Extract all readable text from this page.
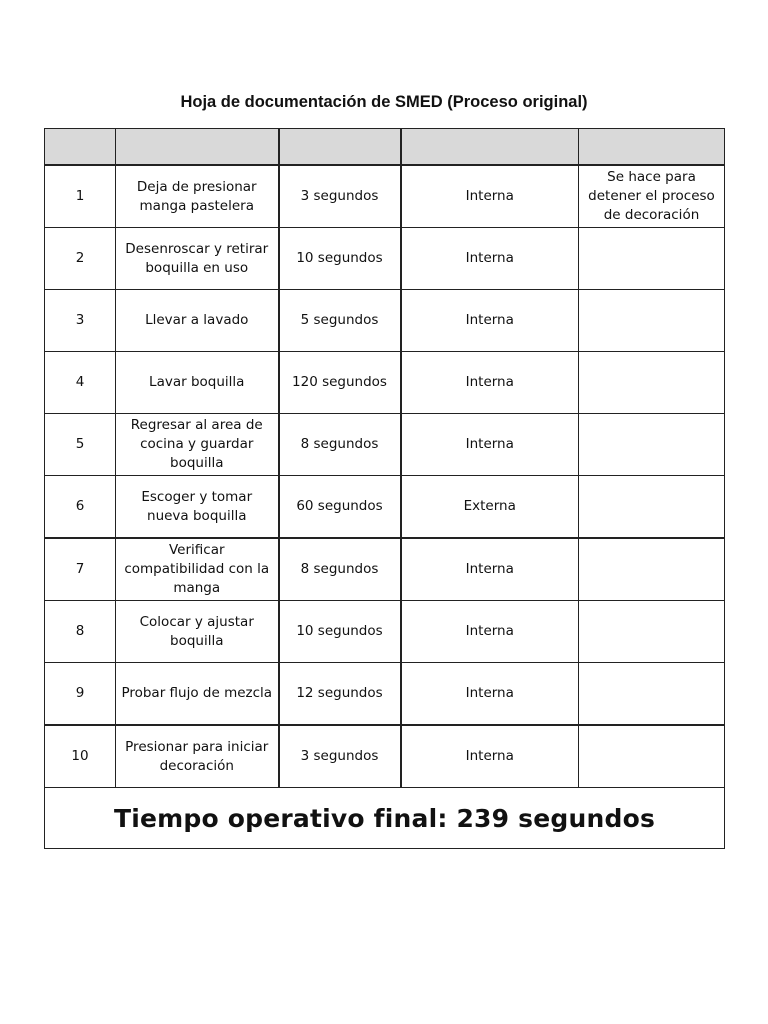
Hoja de documentación de SMED (Proceso original)

1	Deja de presionar manga pastelera	3 segundos	Interna	Se hace para detener el proceso de decoración
2	Desenroscar y retirar boquilla en uso	10 segundos	Interna	
3	Llevar a lavado	5 segundos	Interna	
4	Lavar boquilla	120 segundos	Interna	
5	Regresar al area de cocina y guardar boquilla	8 segundos	Interna	
6	Escoger y tomar nueva boquilla	60 segundos	Externa	
7	Verificar compatibilidad con la manga	8 segundos	Interna	
8	Colocar y ajustar boquilla	10 segundos	Interna	
9	Probar flujo de mezcla	12 segundos	Interna	
10	Presionar para iniciar decoración	3 segundos	Interna	
Tiempo operativo final: 239 segundos				
